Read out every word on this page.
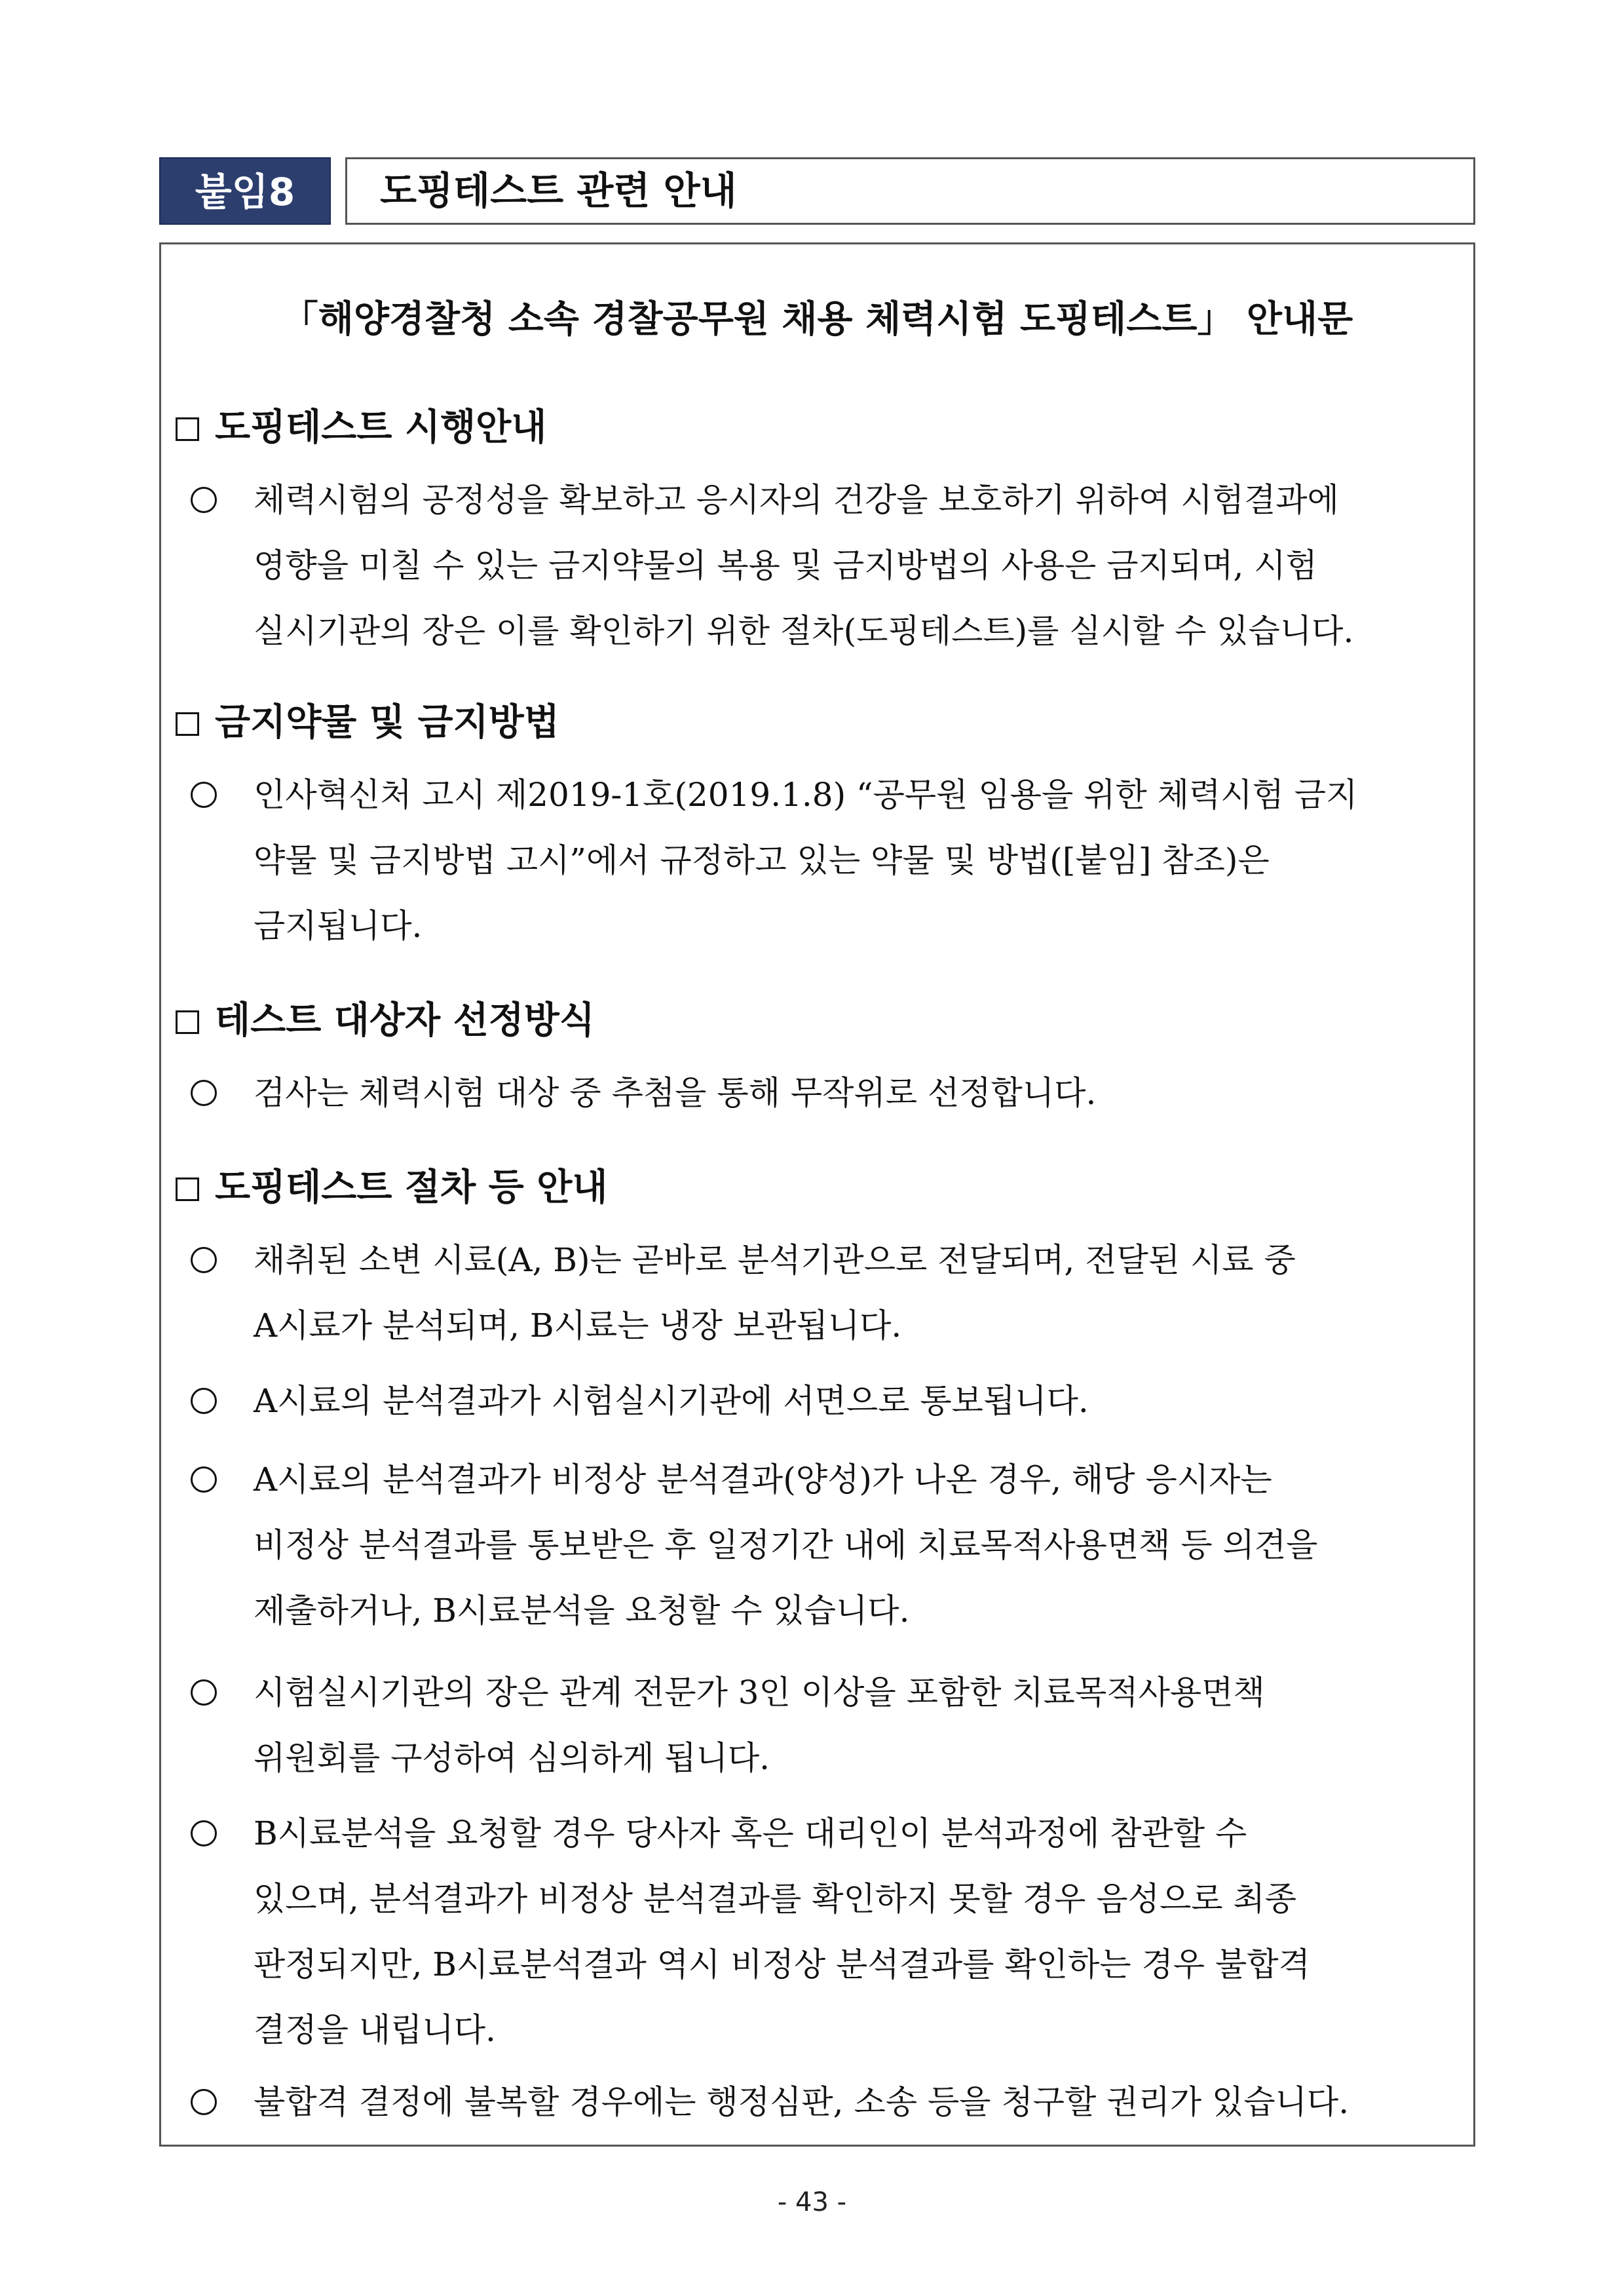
붙임8	도핑테스트 관련 안내
「해양경찰청 소속 경찰공무원 채용 체력시험 도핑테스트」 안내문
도핑테스트 시행안내
체력시험의 공정성을 확보하고 응시자의 건강을 보호하기 위하여 시험결과에
영향을 미칠 수 있는 금지약물의 복용 및 금지방법의 사용은 금지되며, 시험
실시기관의 장은 이를 확인하기 위한 절차(도핑테스트)를 실시할 수 있습니다.
금지약물 및 금지방법
인사혁신처 고시 제2019-1호(2019.1.8) “공무원 임용을 위한 체력시험 금지
약물 및 금지방법 고시”에서 규정하고 있는 약물 및 방법([붙임] 참조)은
금지됩니다.
테스트 대상자 선정방식
검사는 체력시험 대상 중 추첨을 통해 무작위로 선정합니다.
도핑테스트 절차 등 안내
채취된 소변 시료(A, B)는 곧바로 분석기관으로 전달되며, 전달된 시료 중
A시료가 분석되며, B시료는 냉장 보관됩니다.
A시료의 분석결과가 시험실시기관에 서면으로 통보됩니다.
A시료의 분석결과가 비정상 분석결과(양성)가 나온 경우, 해당 응시자는
비정상 분석결과를 통보받은 후 일정기간 내에 치료목적사용면책 등 의견을
제출하거나, B시료분석을 요청할 수 있습니다.
시험실시기관의 장은 관계 전문가 3인 이상을 포함한 치료목적사용면책
위원회를 구성하여 심의하게 됩니다.
B시료분석을 요청할 경우 당사자 혹은 대리인이 분석과정에 참관할 수
있으며, 분석결과가 비정상 분석결과를 확인하지 못할 경우 음성으로 최종
판정되지만, B시료분석결과 역시 비정상 분석결과를 확인하는 경우 불합격
결정을 내립니다.
불합격 결정에 불복할 경우에는 행정심판, 소송 등을 청구할 권리가 있습니다.
- 43 -
